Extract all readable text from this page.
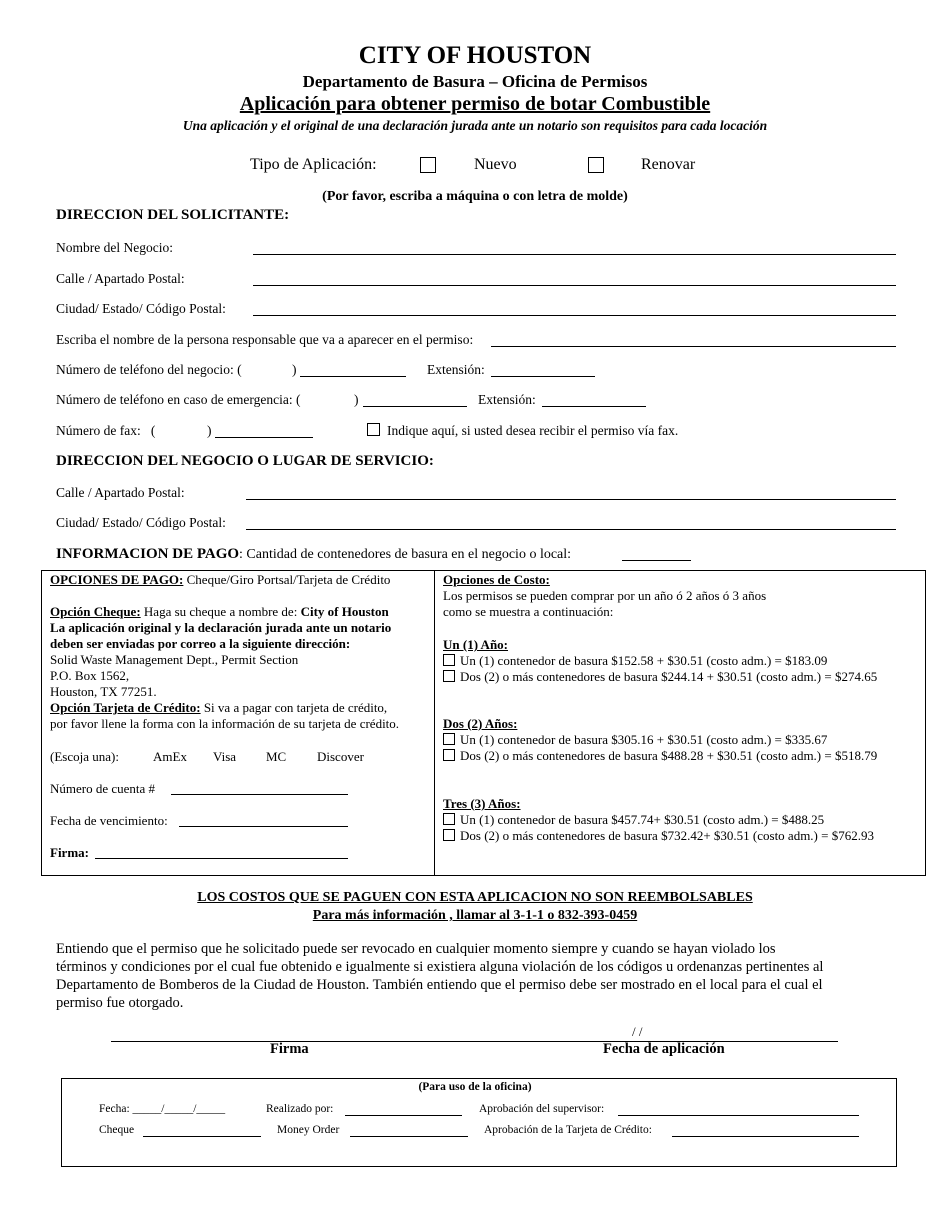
CITY OF HOUSTON
Departamento de Basura – Oficina de Permisos
Aplicación para obtener permiso de botar Combustible
Una aplicación y el original de una declaración jurada ante un notario son requisitos para cada locación
Tipo de Aplicación:	Nuevo	Renovar
(Por favor, escriba a máquina o con letra de molde)
DIRECCION DEL SOLICITANTE:
Nombre del Negocio:
Calle / Apartado Postal:
Ciudad/ Estado/ Código Postal:
Escriba el nombre de la persona responsable que va a aparecer en el permiso:
Número de teléfono del negocio: (	)	Extensión:
Número de teléfono en caso de emergencia: (	)	Extensión:
Número de fax:   (	)	Indique aquí, si usted desea recibir el permiso vía fax.
DIRECCION DEL NEGOCIO O LUGAR DE SERVICIO:
Calle / Apartado Postal:
Ciudad/ Estado/ Código Postal:
INFORMACION DE PAGO: Cantidad de contenedores de basura en el negocio o local:
OPCIONES DE PAGO: Cheque/Giro Portsal/Tarjeta de Crédito
Opción Cheque: Haga su cheque a nombre de: City of Houston
La aplicación original y la declaración jurada ante un notario
deben ser enviadas por correo a la siguiente dirección:
Solid Waste Management Dept., Permit Section
P.O. Box 1562,
Houston, TX 77251.
Opción Tarjeta de Crédito: Si va a pagar con tarjeta de crédito,
por favor llene la forma con la información de su tarjeta de crédito.
(Escoja una):	AmEx Visa MC Discover
Número de cuenta #
Fecha de vencimiento:
Firma:
Opciones de Costo:
Los permisos se pueden comprar por un año ó 2 años ó 3 años
como se muestra a continuación:
Un (1) Año:
Un (1) contenedor de basura $152.58 + $30.51 (costo adm.) = $183.09
Dos (2) o más contenedores de basura $244.14 + $30.51 (costo adm.) = $274.65
Dos (2) Años:
Un (1) contenedor de basura $305.16 + $30.51 (costo adm.) = $335.67
Dos (2) o más contenedores de basura $488.28 + $30.51 (costo adm.) = $518.79
Tres (3) Años:
Un (1) contenedor de basura $457.74+ $30.51 (costo adm.) = $488.25
Dos (2) o más contenedores de basura $732.42+ $30.51 (costo adm.) = $762.93
LOS COSTOS QUE SE PAGUEN CON ESTA APLICACION NO SON REEMBOLSABLES
Para más información , llamar al 3-1-1 o 832-393-0459
Entiendo que el permiso que he solicitado puede ser revocado en cualquier momento siempre y cuando se hayan violado los
términos y condiciones por el cual fue obtenido e igualmente si existiera alguna violación de los códigos u ordenanzas pertinentes al
Departamento de Bomberos de la Ciudad de Houston. También entiendo que el permiso debe ser mostrado en el local para el cual el
permiso fue otorgado.
/ /
Firma	Fecha de aplicación
(Para uso de la oficina)
Fecha: _____/_____/_____	Realizado por:	Aprobación del supervisor:
Cheque	Money Order	Aprobación de la Tarjeta de Crédito:
